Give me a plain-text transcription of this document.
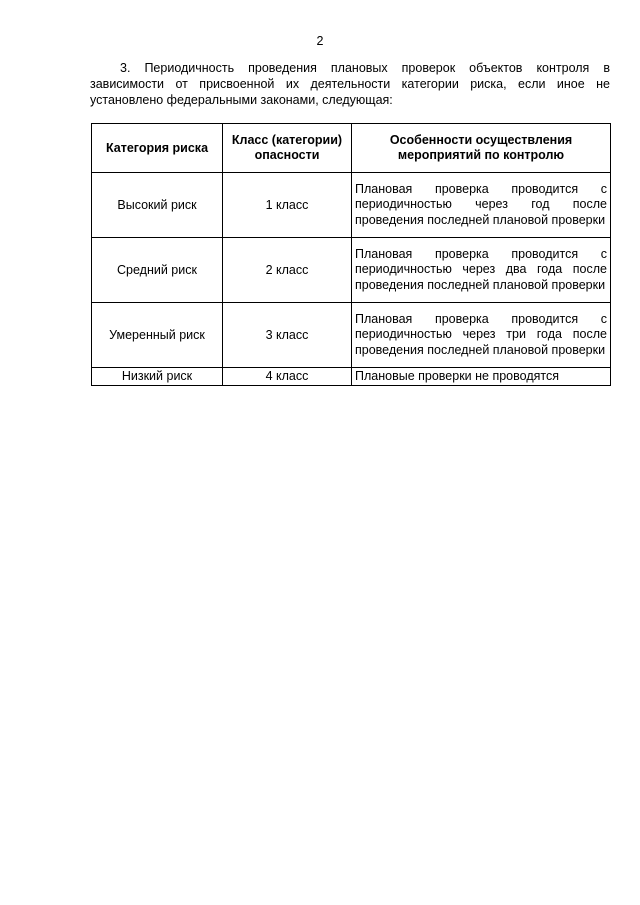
2

3. Периодичность проведения плановых проверок объектов контроля в зависимости от присвоенной их деятельности категории риска, если иное не установлено федеральными законами, следующая:

Категория риска	Класс (категории) опасности	Особенности осуществления мероприятий по контролю
Высокий риск	1 класс	Плановая проверка проводится с периодичностью через год после проведения последней плановой проверки
Средний риск	2 класс	Плановая проверка проводится с периодичностью через два года после проведения последней плановой проверки
Умеренный риск	3 класс	Плановая проверка проводится с периодичностью через три года после проведения последней плановой проверки
Низкий риск	4 класс	Плановые проверки не проводятся
